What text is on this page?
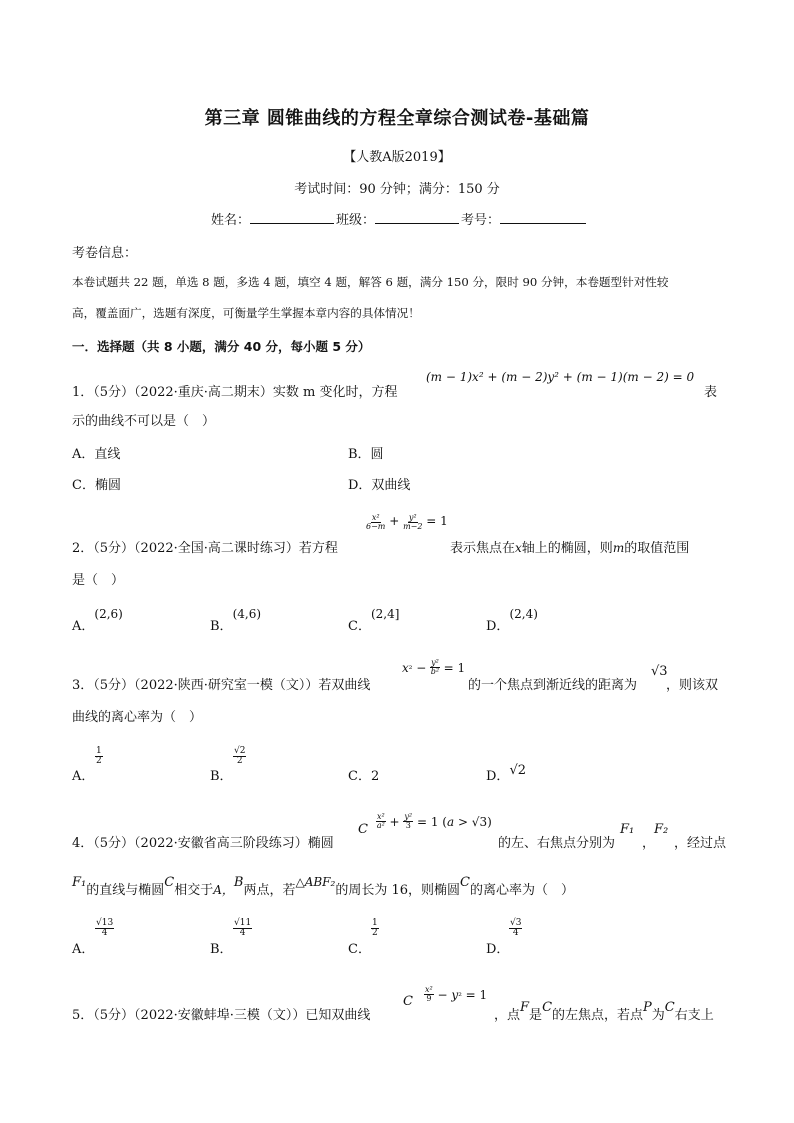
第三章 圆锥曲线的方程全章综合测试卷-基础篇
【人教A版2019】
考试时间：90 分钟；满分：150 分
姓名：	班级：	考号：
考卷信息：
本卷试题共 22 题，单选 8 题，多选 4 题，填空 4 题，解答 6 题，满分 150 分，限时 90 分钟，本卷题型针对性较
高，覆盖面广，选题有深度，可衡量学生掌握本章内容的具体情况！
一．选择题（共 8 小题，满分 40 分，每小题 5 分）
1．（5分）（2022·重庆·高二期末）实数 m 变化时，方程
(m − 1)x² + (m − 2)y² + (m − 1)(m − 2) = 0
表
示的曲线不可以是（　）
A．直线	B．圆
C．椭圆	D．双曲线
2．（5分）（2022·全国·高二课时练习）若方程
$\frac{\text{x²}}{6-m} + \frac{\text{y²}}{m-2} = 1$
表示焦点在x轴上的椭圆，则m的取值范围
是（　）
A．(2,6)
B．(4,6)
C．(2,4]
D．(2,4)
3．（5分）（2022·陕西·研究室一模（文））若双曲线
$x^2 - \frac{\text{y²}}{\text{b²}} = 1$
的一个焦点到渐近线的距离为
√3
，则该双
曲线的离心率为（　）
A．
$\frac{1}{2}$
B．
$\frac{√2}{2}$
C．2	D．√2
4．（5分）（2022·安徽省高三阶段练习）椭圆
C $\frac{\text{x²}}{\text{a²}} + \frac{\text{y²}}{3} = 1$ (a > √3)
的左、右焦点分别为
F₁
，
F₂
，经过点
F₁的直线与椭圆C相交于A，B两点，若△ABF₂的周长为 16，则椭圆C的离心率为（　）
A．
$\frac{√13}{4}$
B．
$\frac{√11}{4}$
C．
$\frac{1}{2}$
D．
$\frac{√3}{4}$
5．（5分）（2022·安徽蚌埠·三模（文））已知双曲线
C $\frac{\text{x²}}{9} - y^2 = 1$
，点F是C的左焦点，若点P为C右支上
